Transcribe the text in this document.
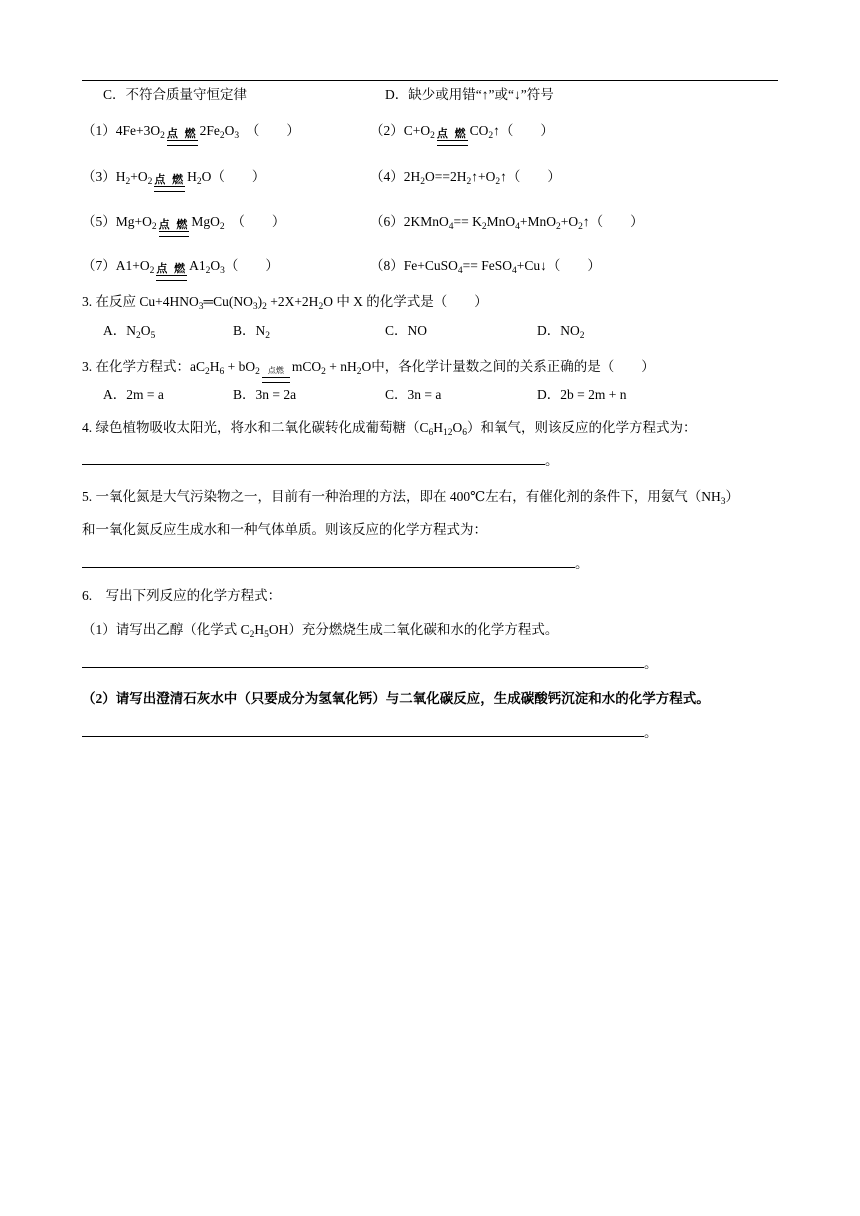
C．不符合质量守恒定律	D．缺少或用错“↑”或“↓”符号
$(1)4Fe+3O_2$ 点 燃 $2Fe_2O_3$　 （　　）	$(2)C+O_2$ 点 燃 $CO_2↑$（　　）
$(3)H_2+O_2$ 点 燃 $H_2O$（　　）	$(4)2H_2O==2H_2↑+O_2↑$（　　）
$(5)Mg+O_2$ 点 燃 MgO$_2$　 （　　）	（6）2KMnO$_4$== $K_2MnO_4+MnO_2+O_2↑$（　　）
$(7)A1+O_2$ 点 燃 $A1_2O_3$（　　）	（8）Fe+CuSO$_4$== FeSO$_4$+Cu↓（　　）
3. 在反应 $Cu+4HNO_3═Cu(NO_3)_2 +2X+2H_2O$ 中 X 的化学式是（　　）
A．$N_2O_5$	B．$N_2$	C．NO	D．$NO_2$
3. 在化学方程式：$aC_2H_6 + bO_2$	点燃 $mCO_2 + nH_2O$中，各化学计量数之间的关系正确的是（　　）
A．2m = a	B．3n = 2a	C．3n = a	D．2b = 2m + n
4. 绿色植物吸收太阳光，将水和二氧化碳转化成葡萄糖$(C_6H_{12}O_6)$和氧气，则该反应的化学方程式为：
。
5. 一氧化氮是大气污染物之一，目前有一种治理的方法，即在 400℃左右，有催化剂的条件下，用氨气$(NH_3)$
和一氧化氮反应生成水和一种气体单质。则该反应的化学方程式为：
。
6.　写出下列反应的化学方程式：
（1）请写出乙醇（化学式 $C_2H_5OH$）充分燃烧生成二氧化碳和水的化学方程式。
。
（2）请写出澄清石灰水中（只要成分为氢氧化钙）与二氧化碳反应，生成碳酸钙沉淀和水的化学方程式。
。
